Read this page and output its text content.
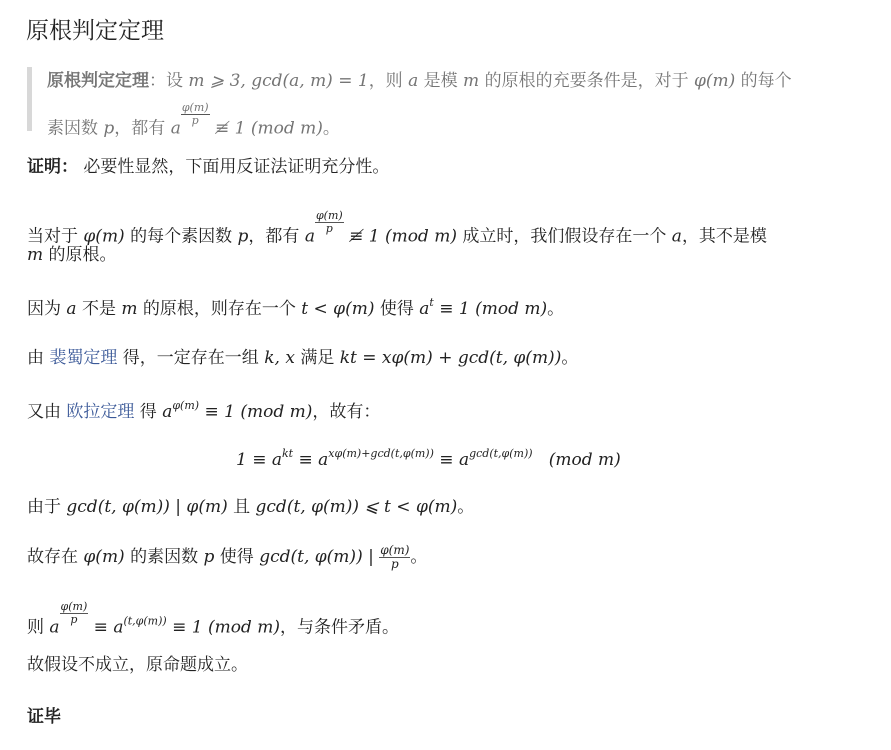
原根判定定理
原根判定定理：设 m ⩾ 3, gcd(a, m) = 1，则 a 是模 m 的原根的充要条件是，对于 φ(m) 的每个
素因数 p，都有 a
$\frac{\varphi(m)}{p}$
≢ 1 (mod m)。
证明： 必要性显然，下面用反证法证明充分性。
当对于 φ(m) 的每个素因数 p，都有 a
$\frac{\varphi(m)}{p}$
≢ 1 (mod m) 成立时，我们假设存在一个 a，其不是模
m 的原根。
因为 a 不是 m 的原根，则存在一个 t < φ(m) 使得 $a^t \equiv 1$ (mod m)。
由 裴蜀定理 得，一定存在一组 k, x 满足 kt = xφ(m) + gcd(t, φ(m))。
又由 欧拉定理 得 $a^{\varphi(m)} \equiv 1$ (mod m)，故有：
$1 \equiv a^{kt} \equiv a^{x\varphi(m)+gcd(t,\varphi(m))} \equiv a^{gcd(t,\varphi(m))}$   (mod m)
由于 gcd(t, φ(m)) | φ(m) 且 gcd(t, φ(m)) ⩽ t < φ(m)。
故存在 φ(m) 的素因数 p 使得 gcd(t, φ(m)) | $\frac{\varphi(m)}{p}$ 。
则 a
$\frac{\varphi(m)}{p}$
≡ $a^{(t,\varphi(m))} \equiv 1$ (mod m)，与条件矛盾。
故假设不成立，原命题成立。
证毕
